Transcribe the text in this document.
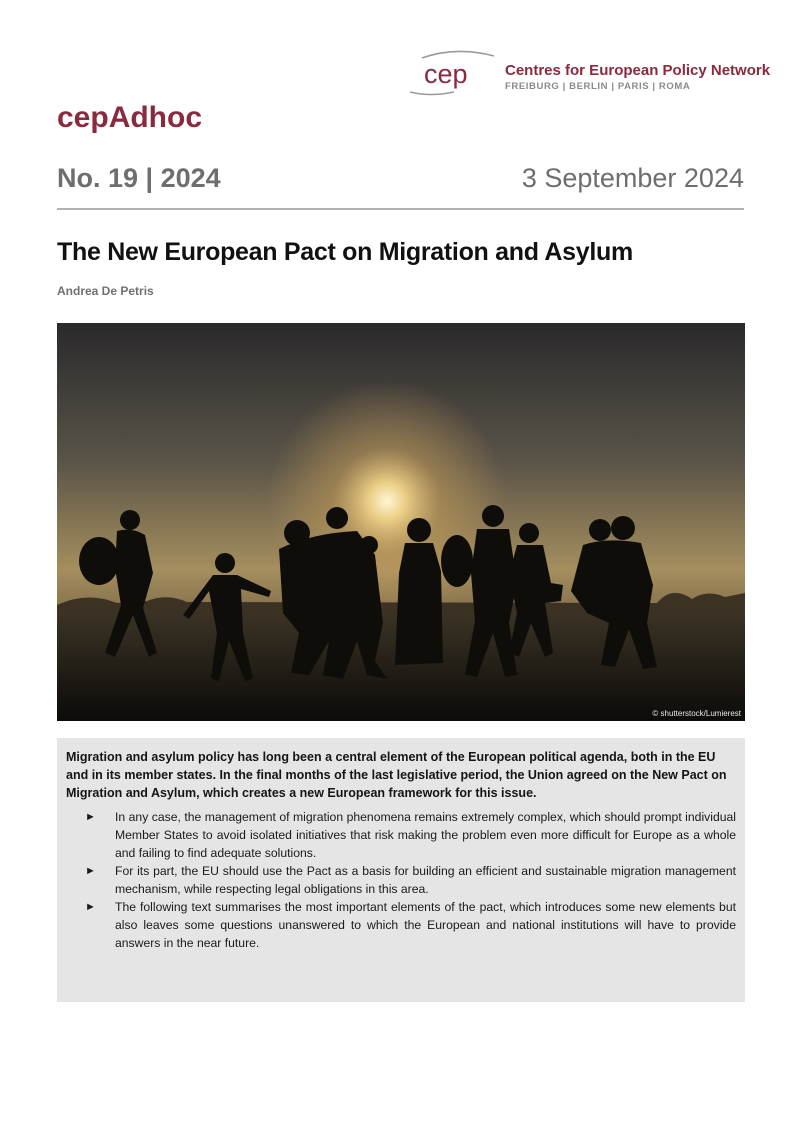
cep Centres for European Policy Network
FREIBURG | BERLIN | PARIS | ROMA
cepAdhoc
No. 19 | 2024	3 September 2024
The New European Pact on Migration and Asylum
Andrea De Petris
© shutterstock/Lumierest

Migration and asylum policy has long been a central element of the European political agenda, both in the EU and in its member states. In the final months of the last legislative period, the Union agreed on the New Pact on Migration and Asylum, which creates a new European framework for this issue.

► In any case, the management of migration phenomena remains extremely complex, which should prompt individual Member States to avoid isolated initiatives that risk making the problem even more difficult for Europe as a whole and failing to find adequate solutions.
► For its part, the EU should use the Pact as a basis for building an efficient and sustainable migration management mechanism, while respecting legal obligations in this area.
► The following text summarises the most important elements of the pact, which introduces some new elements but also leaves some questions unanswered to which the European and national institutions will have to provide answers in the near future.
